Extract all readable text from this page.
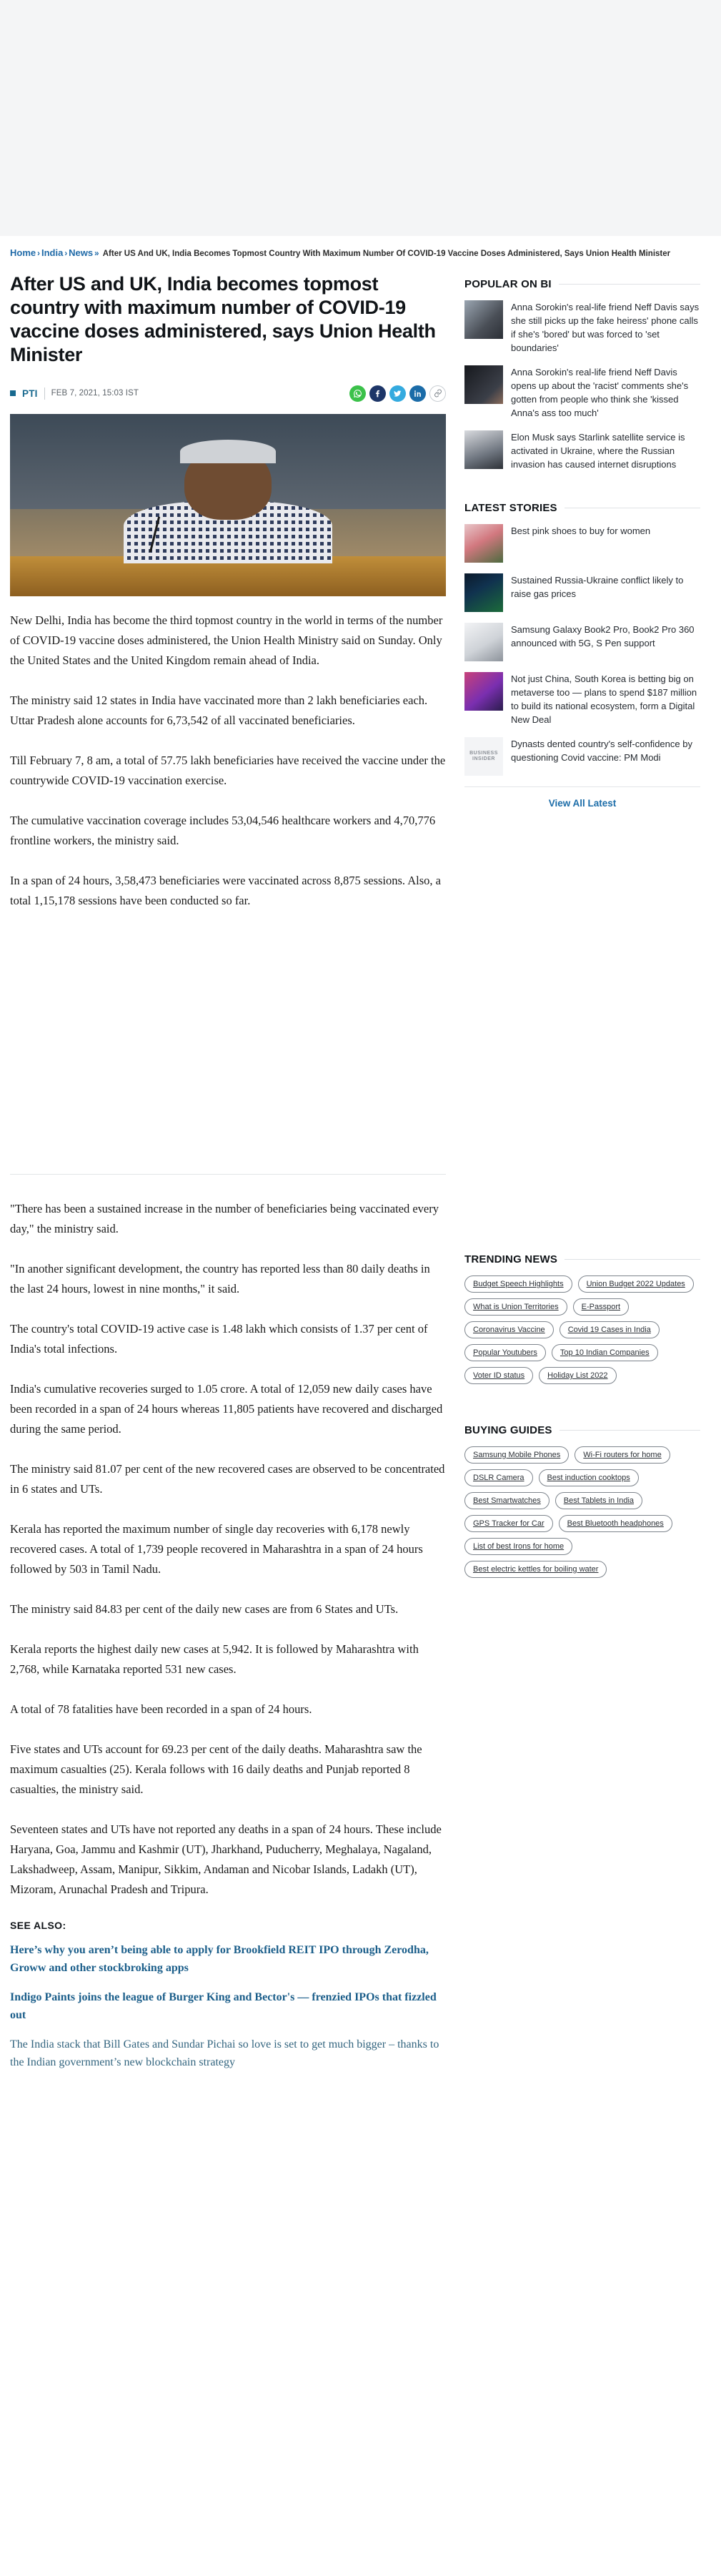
Home › India › News » After US And UK, India Becomes Topmost Country With Maximum Number Of COVID-19 Vaccine Doses Administered, Says Union Health Minister
After US and UK, India becomes topmost country with maximum number of COVID-19 vaccine doses administered, says Union Health Minister
PTI FEB 7, 2021, 15:03 IST

New Delhi, India has become the third topmost country in the world in terms of the number of COVID-19 vaccine doses administered, the Union Health Ministry said on Sunday. Only the United States and the United Kingdom remain ahead of India.

The ministry said 12 states in India have vaccinated more than 2 lakh beneficiaries each. Uttar Pradesh alone accounts for 6,73,542 of all vaccinated beneficiaries.

Till February 7, 8 am, a total of 57.75 lakh beneficiaries have received the vaccine under the countrywide COVID-19 vaccination exercise.

The cumulative vaccination coverage includes 53,04,546 healthcare workers and 4,70,776 frontline workers, the ministry said.

In a span of 24 hours, 3,58,473 beneficiaries were vaccinated across 8,875 sessions. Also, a total 1,15,178 sessions have been conducted so far.

"There has been a sustained increase in the number of beneficiaries being vaccinated every day," the ministry said.

"In another significant development, the country has reported less than 80 daily deaths in the last 24 hours, lowest in nine months," it said.

The country's total COVID-19 active case is 1.48 lakh which consists of 1.37 per cent of India's total infections.

India's cumulative recoveries surged to 1.05 crore. A total of 12,059 new daily cases have been recorded in a span of 24 hours whereas 11,805 patients have recovered and discharged during the same period.

The ministry said 81.07 per cent of the new recovered cases are observed to be concentrated in 6 states and UTs.

Kerala has reported the maximum number of single day recoveries with 6,178 newly recovered cases. A total of 1,739 people recovered in Maharashtra in a span of 24 hours followed by 503 in Tamil Nadu.

The ministry said 84.83 per cent of the daily new cases are from 6 States and UTs.

Kerala reports the highest daily new cases at 5,942. It is followed by Maharashtra with 2,768, while Karnataka reported 531 new cases.

A total of 78 fatalities have been recorded in a span of 24 hours.

Five states and UTs account for 69.23 per cent of the daily deaths. Maharashtra saw the maximum casualties (25). Kerala follows with 16 daily deaths and Punjab reported 8 casualties, the ministry said.

Seventeen states and UTs have not reported any deaths in a span of 24 hours. These include Haryana, Goa, Jammu and Kashmir (UT), Jharkhand, Puducherry, Meghalaya, Nagaland, Lakshadweep, Assam, Manipur, Sikkim, Andaman and Nicobar Islands, Ladakh (UT), Mizoram, Arunachal Pradesh and Tripura.

SEE ALSO:
Here’s why you aren’t being able to apply for Brookfield REIT IPO through Zerodha, Groww and other stockbroking apps
Indigo Paints joins the league of Burger King and Bector's — frenzied IPOs that fizzled out
The India stack that Bill Gates and Sundar Pichai so love is set to get much bigger – thanks to the Indian government’s new blockchain strategy
POPULAR ON BI
Anna Sorokin's real-life friend Neff Davis says she still picks up the fake heiress' phone calls if she's 'bored' but was forced to 'set boundaries'
Anna Sorokin's real-life friend Neff Davis opens up about the 'racist' comments she's gotten from people who think she 'kissed Anna's ass too much'
Elon Musk says Starlink satellite service is activated in Ukraine, where the Russian invasion has caused internet disruptions
LATEST STORIES
Best pink shoes to buy for women
Sustained Russia-Ukraine conflict likely to raise gas prices
Samsung Galaxy Book2 Pro, Book2 Pro 360 announced with 5G, S Pen support
Not just China, South Korea is betting big on metaverse too — plans to spend $187 million to build its national ecosystem, form a Digital New Deal
BUSINESS INSIDER
Dynasts dented country's self-confidence by questioning Covid vaccine: PM Modi
View All Latest
TRENDING NEWS
Budget Speech Highlights	Union Budget 2022 Updates
What is Union Territories	E-Passport
Coronavirus Vaccine	Covid 19 Cases in India
Popular Youtubers	Top 10 Indian Companies
Voter ID status	Holiday List 2022
BUYING GUIDES
Samsung Mobile Phones	Wi-Fi routers for home
DSLR Camera	Best induction cooktops
Best Smartwatches	Best Tablets in India
GPS Tracker for Car	Best Bluetooth headphones
List of best Irons for home
Best electric kettles for boiling water
